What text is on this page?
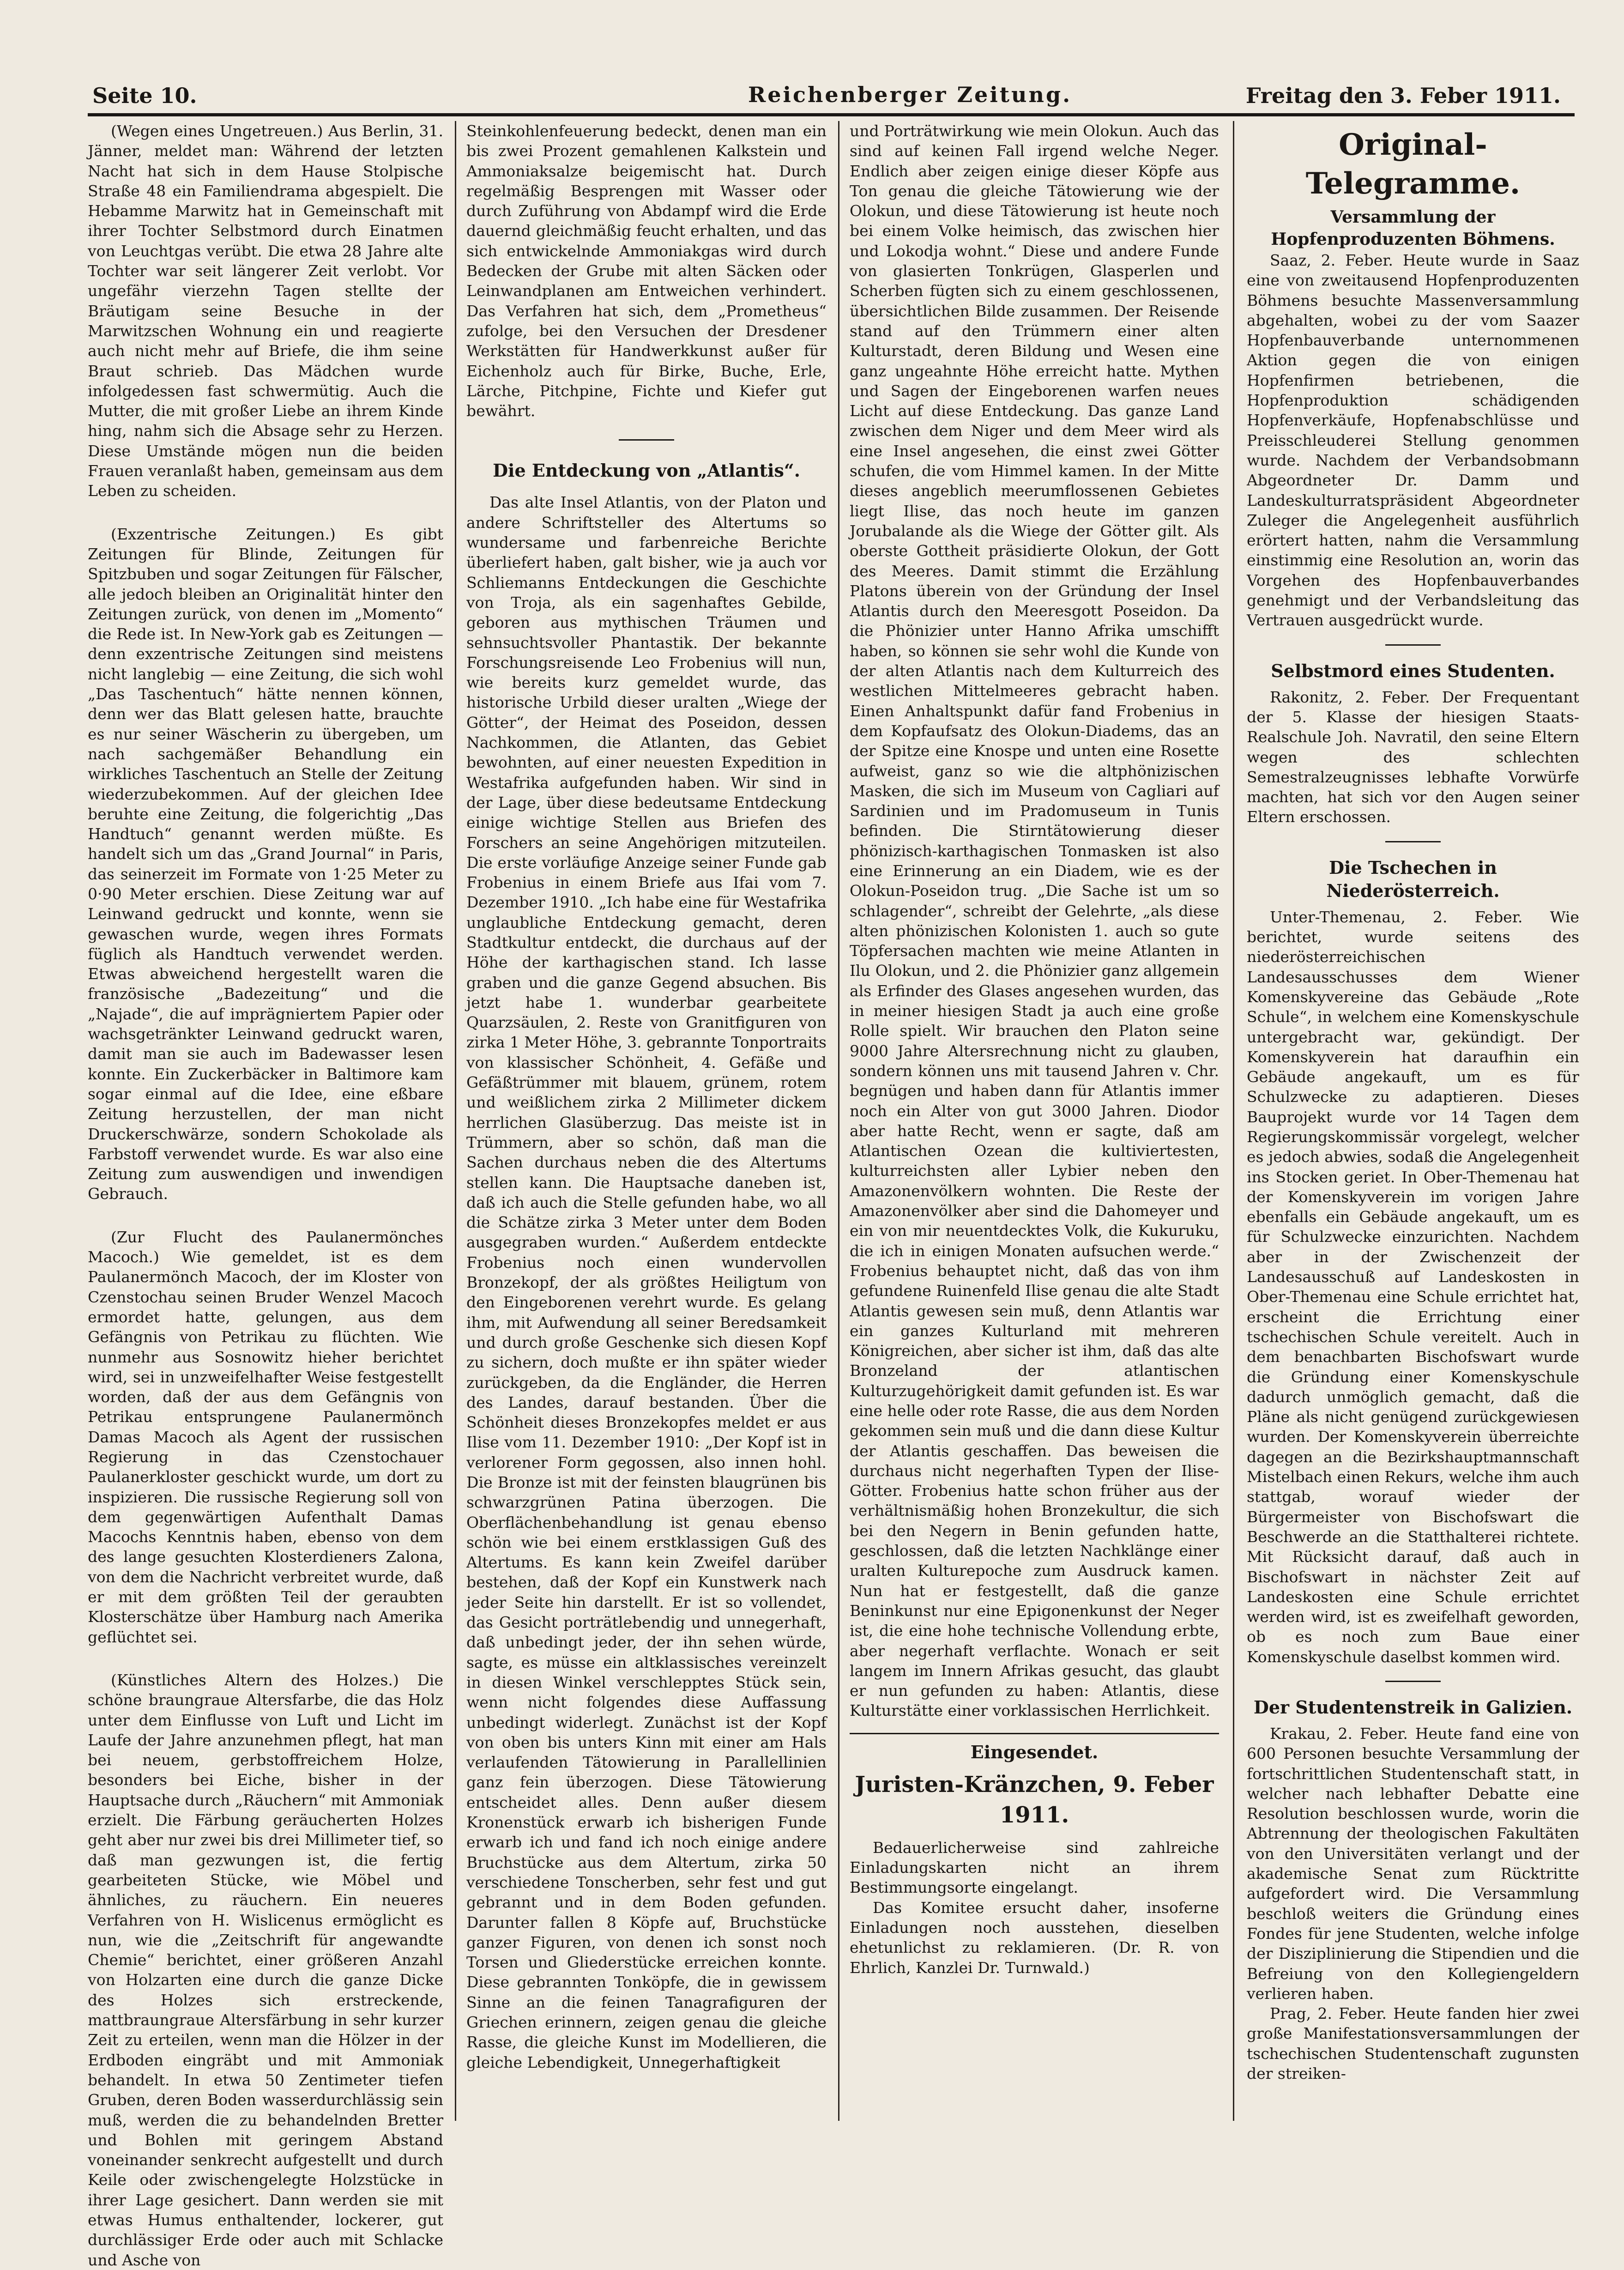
Seite 10.	Reichenberger Zeitung.	Freitag den 3. Feber 1911.

(Wegen eines Ungetreuen.) Aus Berlin, 31. Jänner, meldet man: Während der letzten Nacht hat sich in dem Hause Stolpische Straße 48 ein Familiendrama abgespielt. Die Hebamme Marwitz hat in Gemeinschaft mit ihrer Tochter Selbstmord durch Einatmen von Leuchtgas verübt. Die etwa 28 Jahre alte Tochter war seit längerer Zeit verlobt. Vor ungefähr vierzehn Tagen stellte der Bräutigam seine Besuche in der Marwitzschen Wohnung ein und reagierte auch nicht mehr auf Briefe, die ihm seine Braut schrieb. Das Mädchen wurde infolgedessen fast schwermütig. Auch die Mutter, die mit großer Liebe an ihrem Kinde hing, nahm sich die Absage sehr zu Herzen. Diese Umstände mögen nun die beiden Frauen veranlaßt haben, gemeinsam aus dem Leben zu scheiden.

(Exzentrische Zeitungen.) Es gibt Zeitungen für Blinde, Zeitungen für Spitzbuben und sogar Zeitungen für Fälscher, alle jedoch bleiben an Originalität hinter den Zeitungen zurück, von denen im „Momento“ die Rede ist. In New-York gab es Zeitungen — denn exzentrische Zeitungen sind meistens nicht langlebig — eine Zeitung, die sich wohl „Das Taschentuch“ hätte nennen können, denn wer das Blatt gelesen hatte, brauchte es nur seiner Wäscherin zu übergeben, um nach sachgemäßer Behandlung ein wirkliches Taschentuch an Stelle der Zeitung wiederzubekommen. Auf der gleichen Idee beruhte eine Zeitung, die folgerichtig „Das Handtuch“ genannt werden müßte. Es handelt sich um das „Grand Journal“ in Paris, das seinerzeit im Formate von 1·25 Meter zu 0·90 Meter erschien. Diese Zeitung war auf Leinwand gedruckt und konnte, wenn sie gewaschen wurde, wegen ihres Formats füglich als Handtuch verwendet werden. Etwas abweichend hergestellt waren die französische „Badezeitung“ und die „Najade“, die auf imprägniertem Papier oder wachsgetränkter Leinwand gedruckt waren, damit man sie auch im Badewasser lesen konnte. Ein Zuckerbäcker in Baltimore kam sogar einmal auf die Idee, eine eßbare Zeitung herzustellen, der man nicht Druckerschwärze, sondern Schokolade als Farbstoff verwendet wurde. Es war also eine Zeitung zum auswendigen und inwendigen Gebrauch.

(Zur Flucht des Paulanermönches Macoch.) Wie gemeldet, ist es dem Paulanermönch Macoch, der im Kloster von Czenstochau seinen Bruder Wenzel Macoch ermordet hatte, gelungen, aus dem Gefängnis von Petrikau zu flüchten. Wie nunmehr aus Sosnowitz hieher berichtet wird, sei in unzweifelhafter Weise festgestellt worden, daß der aus dem Gefängnis von Petrikau entsprungene Paulanermönch Damas Macoch als Agent der russischen Regierung in das Czenstochauer Paulanerkloster geschickt wurde, um dort zu inspizieren. Die russische Regierung soll von dem gegenwärtigen Aufenthalt Damas Macochs Kenntnis haben, ebenso von dem des lange gesuchten Klosterdieners Zalona, von dem die Nachricht verbreitet wurde, daß er mit dem größten Teil der geraubten Klosterschätze über Hamburg nach Amerika geflüchtet sei.

(Künstliches Altern des Holzes.) Die schöne braungraue Altersfarbe, die das Holz unter dem Einflusse von Luft und Licht im Laufe der Jahre anzunehmen pflegt, hat man bei neuem, gerbstoffreichem Holze, besonders bei Eiche, bisher in der Hauptsache durch „Räuchern“ mit Ammoniak erzielt. Die Färbung geräucherten Holzes geht aber nur zwei bis drei Millimeter tief, so daß man gezwungen ist, die fertig gearbeiteten Stücke, wie Möbel und ähnliches, zu räuchern. Ein neueres Verfahren von H. Wislicenus ermöglicht es nun, wie die „Zeitschrift für angewandte Chemie“ berichtet, einer größeren Anzahl von Holzarten eine durch die ganze Dicke des Holzes sich erstreckende, mattbraungraue Altersfärbung in sehr kurzer Zeit zu erteilen, wenn man die Hölzer in der Erdboden eingräbt und mit Ammoniak behandelt. In etwa 50 Zentimeter tiefen Gruben, deren Boden wasserdurchlässig sein muß, werden die zu behandelnden Bretter und Bohlen mit geringem Abstand voneinander senkrecht aufgestellt und durch Keile oder zwischengelegte Holzstücke in ihrer Lage gesichert. Dann werden sie mit etwas Humus enthaltender, lockerer, gut durchlässiger Erde oder auch mit Schlacke und Asche von

Steinkohlenfeuerung bedeckt, denen man ein bis zwei Prozent gemahlenen Kalkstein und Ammoniaksalze beigemischt hat. Durch regelmäßig Besprengen mit Wasser oder durch Zuführung von Abdampf wird die Erde dauernd gleichmäßig feucht erhalten, und das sich entwickelnde Ammoniakgas wird durch Bedecken der Grube mit alten Säcken oder Leinwandplanen am Entweichen verhindert. Das Verfahren hat sich, dem „Prometheus“ zufolge, bei den Versuchen der Dresdener Werkstätten für Handwerkkunst außer für Eichenholz auch für Birke, Buche, Erle, Lärche, Pitchpine, Fichte und Kiefer gut bewährt.

Die Entdeckung von „Atlantis“.

Das alte Insel Atlantis, von der Platon und andere Schriftsteller des Altertums so wundersame und farbenreiche Berichte überliefert haben, galt bisher, wie ja auch vor Schliemanns Entdeckungen die Geschichte von Troja, als ein sagenhaftes Gebilde, geboren aus mythischen Träumen und sehnsuchtsvoller Phantastik. Der bekannte Forschungsreisende Leo Frobenius will nun, wie bereits kurz gemeldet wurde, das historische Urbild dieser uralten „Wiege der Götter“, der Heimat des Poseidon, dessen Nachkommen, die Atlanten, das Gebiet bewohnten, auf einer neuesten Expedition in Westafrika aufgefunden haben. Wir sind in der Lage, über diese bedeutsame Entdeckung einige wichtige Stellen aus Briefen des Forschers an seine Angehörigen mitzuteilen. Die erste vorläufige Anzeige seiner Funde gab Frobenius in einem Briefe aus Ifai vom 7. Dezember 1910. „Ich habe eine für Westafrika unglaubliche Entdeckung gemacht, deren Stadtkultur entdeckt, die durchaus auf der Höhe der karthagischen stand. Ich lasse graben und die ganze Gegend absuchen. Bis jetzt habe 1. wunderbar gearbeitete Quarzsäulen, 2. Reste von Granitfiguren von zirka 1 Meter Höhe, 3. gebrannte Tonportraits von klassischer Schönheit, 4. Gefäße und Gefäßtrümmer mit blauem, grünem, rotem und weißlichem zirka 2 Millimeter dickem herrlichen Glasüberzug. Das meiste ist in Trümmern, aber so schön, daß man die Sachen durchaus neben die des Altertums stellen kann. Die Hauptsache daneben ist, daß ich auch die Stelle gefunden habe, wo all die Schätze zirka 3 Meter unter dem Boden ausgegraben wurden.“ Außerdem entdeckte Frobenius noch einen wundervollen Bronzekopf, der als größtes Heiligtum von den Eingeborenen verehrt wurde. Es gelang ihm, mit Aufwendung all seiner Beredsamkeit und durch große Geschenke sich diesen Kopf zu sichern, doch mußte er ihn später wieder zurückgeben, da die Engländer, die Herren des Landes, darauf bestanden. Über die Schönheit dieses Bronzekopfes meldet er aus Ilise vom 11. Dezember 1910: „Der Kopf ist in verlorener Form gegossen, also innen hohl. Die Bronze ist mit der feinsten blaugrünen bis schwarzgrünen Patina überzogen. Die Oberflächenbehandlung ist genau ebenso schön wie bei einem erstklassigen Guß des Altertums. Es kann kein Zweifel darüber bestehen, daß der Kopf ein Kunstwerk nach jeder Seite hin darstellt. Er ist so vollendet, das Gesicht porträtlebendig und unnegerhaft, daß unbedingt jeder, der ihn sehen würde, sagte, es müsse ein altklassisches vereinzelt in diesen Winkel verschlepptes Stück sein, wenn nicht folgendes diese Auffassung unbedingt widerlegt. Zunächst ist der Kopf von oben bis unters Kinn mit einer am Hals verlaufenden Tätowierung in Parallellinien ganz fein überzogen. Diese Tätowierung entscheidet alles. Denn außer diesem Kronenstück erwarb ich bisherigen Funde erwarb ich und fand ich noch einige andere Bruchstücke aus dem Altertum, zirka 50 verschiedene Tonscherben, sehr fest und gut gebrannt und in dem Boden gefunden. Darunter fallen 8 Köpfe auf, Bruchstücke ganzer Figuren, von denen ich sonst noch Torsen und Gliederstücke erreichen konnte. Diese gebrannten Tonköpfe, die in gewissem Sinne an die feinen Tanagrafiguren der Griechen erinnern, zeigen genau die gleiche Rasse, die gleiche Kunst im Modellieren, die gleiche Lebendigkeit, Unnegerhaftigkeit

und Porträtwirkung wie mein Olokun. Auch das sind auf keinen Fall irgend welche Neger. Endlich aber zeigen einige dieser Köpfe aus Ton genau die gleiche Tätowierung wie der Olokun, und diese Tätowierung ist heute noch bei einem Volke heimisch, das zwischen hier und Lokodja wohnt.“ Diese und andere Funde von glasierten Tonkrügen, Glasperlen und Scherben fügten sich zu einem geschlossenen, übersichtlichen Bilde zusammen. Der Reisende stand auf den Trümmern einer alten Kulturstadt, deren Bildung und Wesen eine ganz ungeahnte Höhe erreicht hatte. Mythen und Sagen der Eingeborenen warfen neues Licht auf diese Entdeckung. Das ganze Land zwischen dem Niger und dem Meer wird als eine Insel angesehen, die einst zwei Götter schufen, die vom Himmel kamen. In der Mitte dieses angeblich meerumflossenen Gebietes liegt Ilise, das noch heute im ganzen Jorubalande als die Wiege der Götter gilt. Als oberste Gottheit präsidierte Olokun, der Gott des Meeres. Damit stimmt die Erzählung Platons überein von der Gründung der Insel Atlantis durch den Meeresgott Poseidon. Da die Phönizier unter Hanno Afrika umschifft haben, so können sie sehr wohl die Kunde von der alten Atlantis nach dem Kulturreich des westlichen Mittelmeeres gebracht haben. Einen Anhaltspunkt dafür fand Frobenius in dem Kopfaufsatz des Olokun-Diadems, das an der Spitze eine Knospe und unten eine Rosette aufweist, ganz so wie die altphönizischen Masken, die sich im Museum von Cagliari auf Sardinien und im Pradomuseum in Tunis befinden. Die Stirntätowierung dieser phönizisch-karthagischen Tonmasken ist also eine Erinnerung an ein Diadem, wie es der Olokun-Poseidon trug. „Die Sache ist um so schlagender“, schreibt der Gelehrte, „als diese alten phönizischen Kolonisten 1. auch so gute Töpfersachen machten wie meine Atlanten in Ilu Olokun, und 2. die Phönizier ganz allgemein als Erfinder des Glases angesehen wurden, das in meiner hiesigen Stadt ja auch eine große Rolle spielt. Wir brauchen den Platon seine 9000 Jahre Altersrechnung nicht zu glauben, sondern können uns mit tausend Jahren v. Chr. begnügen und haben dann für Atlantis immer noch ein Alter von gut 3000 Jahren. Diodor aber hatte Recht, wenn er sagte, daß am Atlantischen Ozean die kultiviertesten, kulturreichsten aller Lybier neben den Amazonenvölkern wohnten. Die Reste der Amazonenvölker aber sind die Dahomeyer und ein von mir neuentdecktes Volk, die Kukuruku, die ich in einigen Monaten aufsuchen werde.“ Frobenius behauptet nicht, daß das von ihm gefundene Ruinenfeld Ilise genau die alte Stadt Atlantis gewesen sein muß, denn Atlantis war ein ganzes Kulturland mit mehreren Königreichen, aber sicher ist ihm, daß das alte Bronzeland der atlantischen Kulturzugehörigkeit damit gefunden ist. Es war eine helle oder rote Rasse, die aus dem Norden gekommen sein muß und die dann diese Kultur der Atlantis geschaffen. Das beweisen die durchaus nicht negerhaften Typen der Ilise-Götter. Frobenius hatte schon früher aus der verhältnismäßig hohen Bronzekultur, die sich bei den Negern in Benin gefunden hatte, geschlossen, daß die letzten Nachklänge einer uralten Kulturepoche zum Ausdruck kamen. Nun hat er festgestellt, daß die ganze Beninkunst nur eine Epigonenkunst der Neger ist, die eine hohe technische Vollendung erbte, aber negerhaft verflachte. Wonach er seit langem im Innern Afrikas gesucht, das glaubt er nun gefunden zu haben: Atlantis, diese Kulturstätte einer vorklassischen Herrlichkeit.

Eingesendet.
Juristen-Kränzchen, 9. Feber 1911.

Bedauerlicherweise sind zahlreiche Einladungskarten nicht an ihrem Bestimmungsorte eingelangt.

Das Komitee ersucht daher, insoferne Einladungen noch ausstehen, dieselben ehetunlichst zu reklamieren. (Dr. R. von Ehrlich, Kanzlei Dr. Turnwald.)

Original-Telegramme.
Versammlung der Hopfenproduzenten Böhmens.

Saaz, 2. Feber. Heute wurde in Saaz eine von zweitausend Hopfenproduzenten Böhmens besuchte Massenversammlung abgehalten, wobei zu der vom Saazer Hopfenbauverbande unternommenen Aktion gegen die von einigen Hopfenfirmen betriebenen, die Hopfenproduktion schädigenden Hopfenverkäufe, Hopfenabschlüsse und Preisschleuderei Stellung genommen wurde. Nachdem der Verbandsobmann Abgeordneter Dr. Damm und Landeskulturratspräsident Abgeordneter Zuleger die Angelegenheit ausführlich erörtert hatten, nahm die Versammlung einstimmig eine Resolution an, worin das Vorgehen des Hopfenbauverbandes genehmigt und der Verbandsleitung das Vertrauen ausgedrückt wurde.

Selbstmord eines Studenten.

Rakonitz, 2. Feber. Der Frequentant der 5. Klasse der hiesigen Staats-Realschule Joh. Navratil, den seine Eltern wegen des schlechten Semestralzeugnisses lebhafte Vorwürfe machten, hat sich vor den Augen seiner Eltern erschossen.

Die Tschechen in Niederösterreich.

Unter-Themenau, 2. Feber. Wie berichtet, wurde seitens des niederösterreichischen Landesausschusses dem Wiener Komenskyvereine das Gebäude „Rote Schule“, in welchem eine Komenskyschule untergebracht war, gekündigt. Der Komenskyverein hat daraufhin ein Gebäude angekauft, um es für Schulzwecke zu adaptieren. Dieses Bauprojekt wurde vor 14 Tagen dem Regierungskommissär vorgelegt, welcher es jedoch abwies, sodaß die Angelegenheit ins Stocken geriet. In Ober-Themenau hat der Komenskyverein im vorigen Jahre ebenfalls ein Gebäude angekauft, um es für Schulzwecke einzurichten. Nachdem aber in der Zwischenzeit der Landesausschuß auf Landeskosten in Ober-Themenau eine Schule errichtet hat, erscheint die Errichtung einer tschechischen Schule vereitelt. Auch in dem benachbarten Bischofswart wurde die Gründung einer Komenskyschule dadurch unmöglich gemacht, daß die Pläne als nicht genügend zurückgewiesen wurden. Der Komenskyverein überreichte dagegen an die Bezirkshauptmannschaft Mistelbach einen Rekurs, welche ihm auch stattgab, worauf wieder der Bürgermeister von Bischofswart die Beschwerde an die Statthalterei richtete. Mit Rücksicht darauf, daß auch in Bischofswart in nächster Zeit auf Landeskosten eine Schule errichtet werden wird, ist es zweifelhaft geworden, ob es noch zum Baue einer Komenskyschule daselbst kommen wird.

Der Studentenstreik in Galizien.

Krakau, 2. Feber. Heute fand eine von 600 Personen besuchte Versammlung der fortschrittlichen Studentenschaft statt, in welcher nach lebhafter Debatte eine Resolution beschlossen wurde, worin die Abtrennung der theologischen Fakultäten von den Universitäten verlangt und der akademische Senat zum Rücktritte aufgefordert wird. Die Versammlung beschloß weiters die Gründung eines Fondes für jene Studenten, welche infolge der Disziplinierung die Stipendien und die Befreiung von den Kollegiengeldern verlieren haben.

Prag, 2. Feber. Heute fanden hier zwei große Manifestationsversammlungen der tschechischen Studentenschaft zugunsten der streiken-
